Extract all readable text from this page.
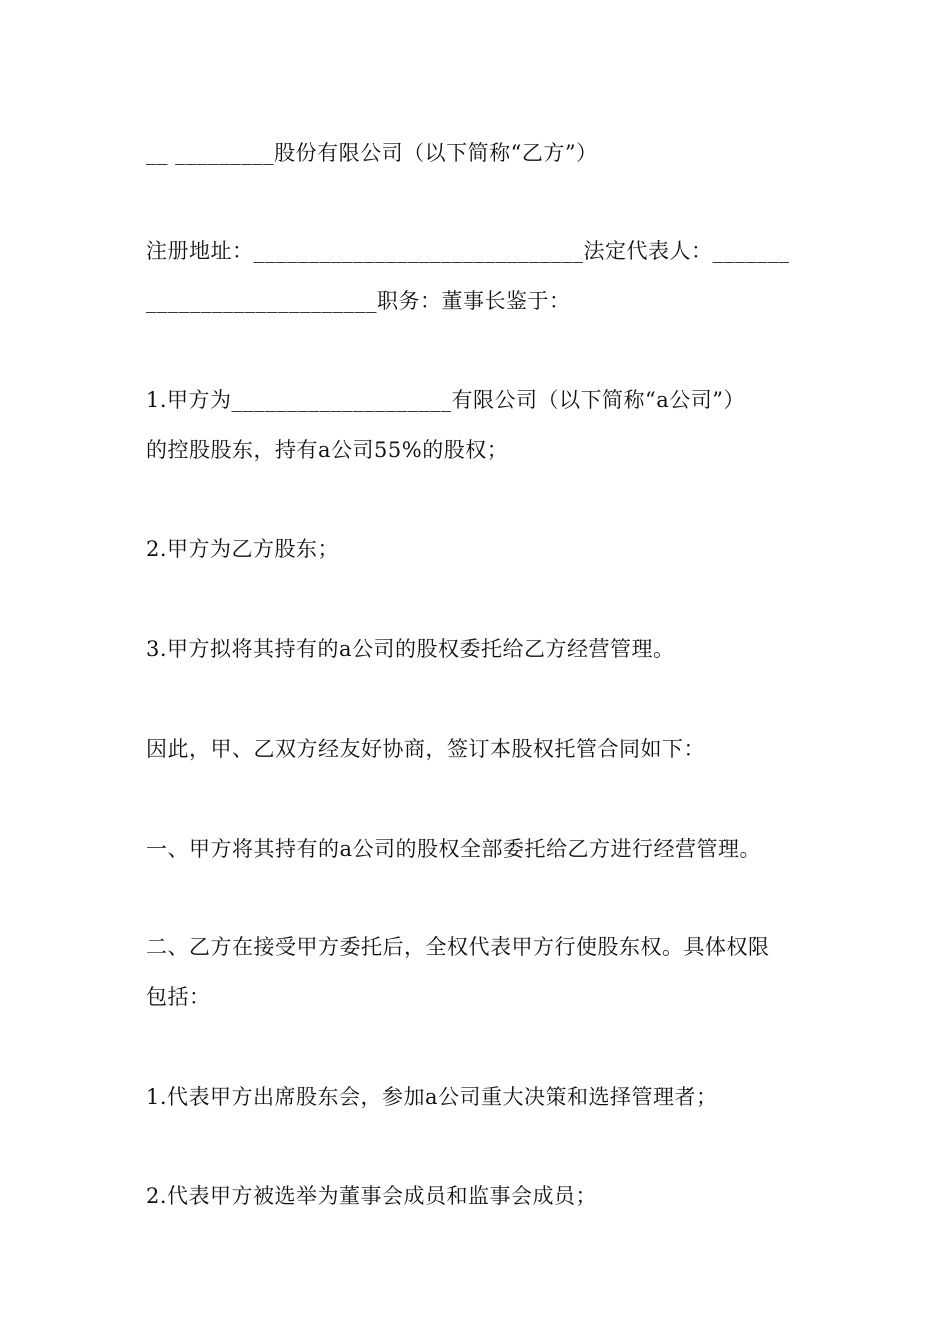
__ _________股份有限公司（以下简称“乙方”）
注册地址：______________________________法定代表人：_______
_____________________职务：董事长鉴于：
1.甲方为____________________有限公司（以下简称“a公司”）
的控股股东，持有a公司55%的股权；
2.甲方为乙方股东；
3.甲方拟将其持有的a公司的股权委托给乙方经营管理。
因此，甲、乙双方经友好协商，签订本股权托管合同如下：
一、甲方将其持有的a公司的股权全部委托给乙方进行经营管理。
二、乙方在接受甲方委托后，全权代表甲方行使股东权。具体权限
包括：
1.代表甲方出席股东会，参加a公司重大决策和选择管理者；
2.代表甲方被选举为董事会成员和监事会成员；
